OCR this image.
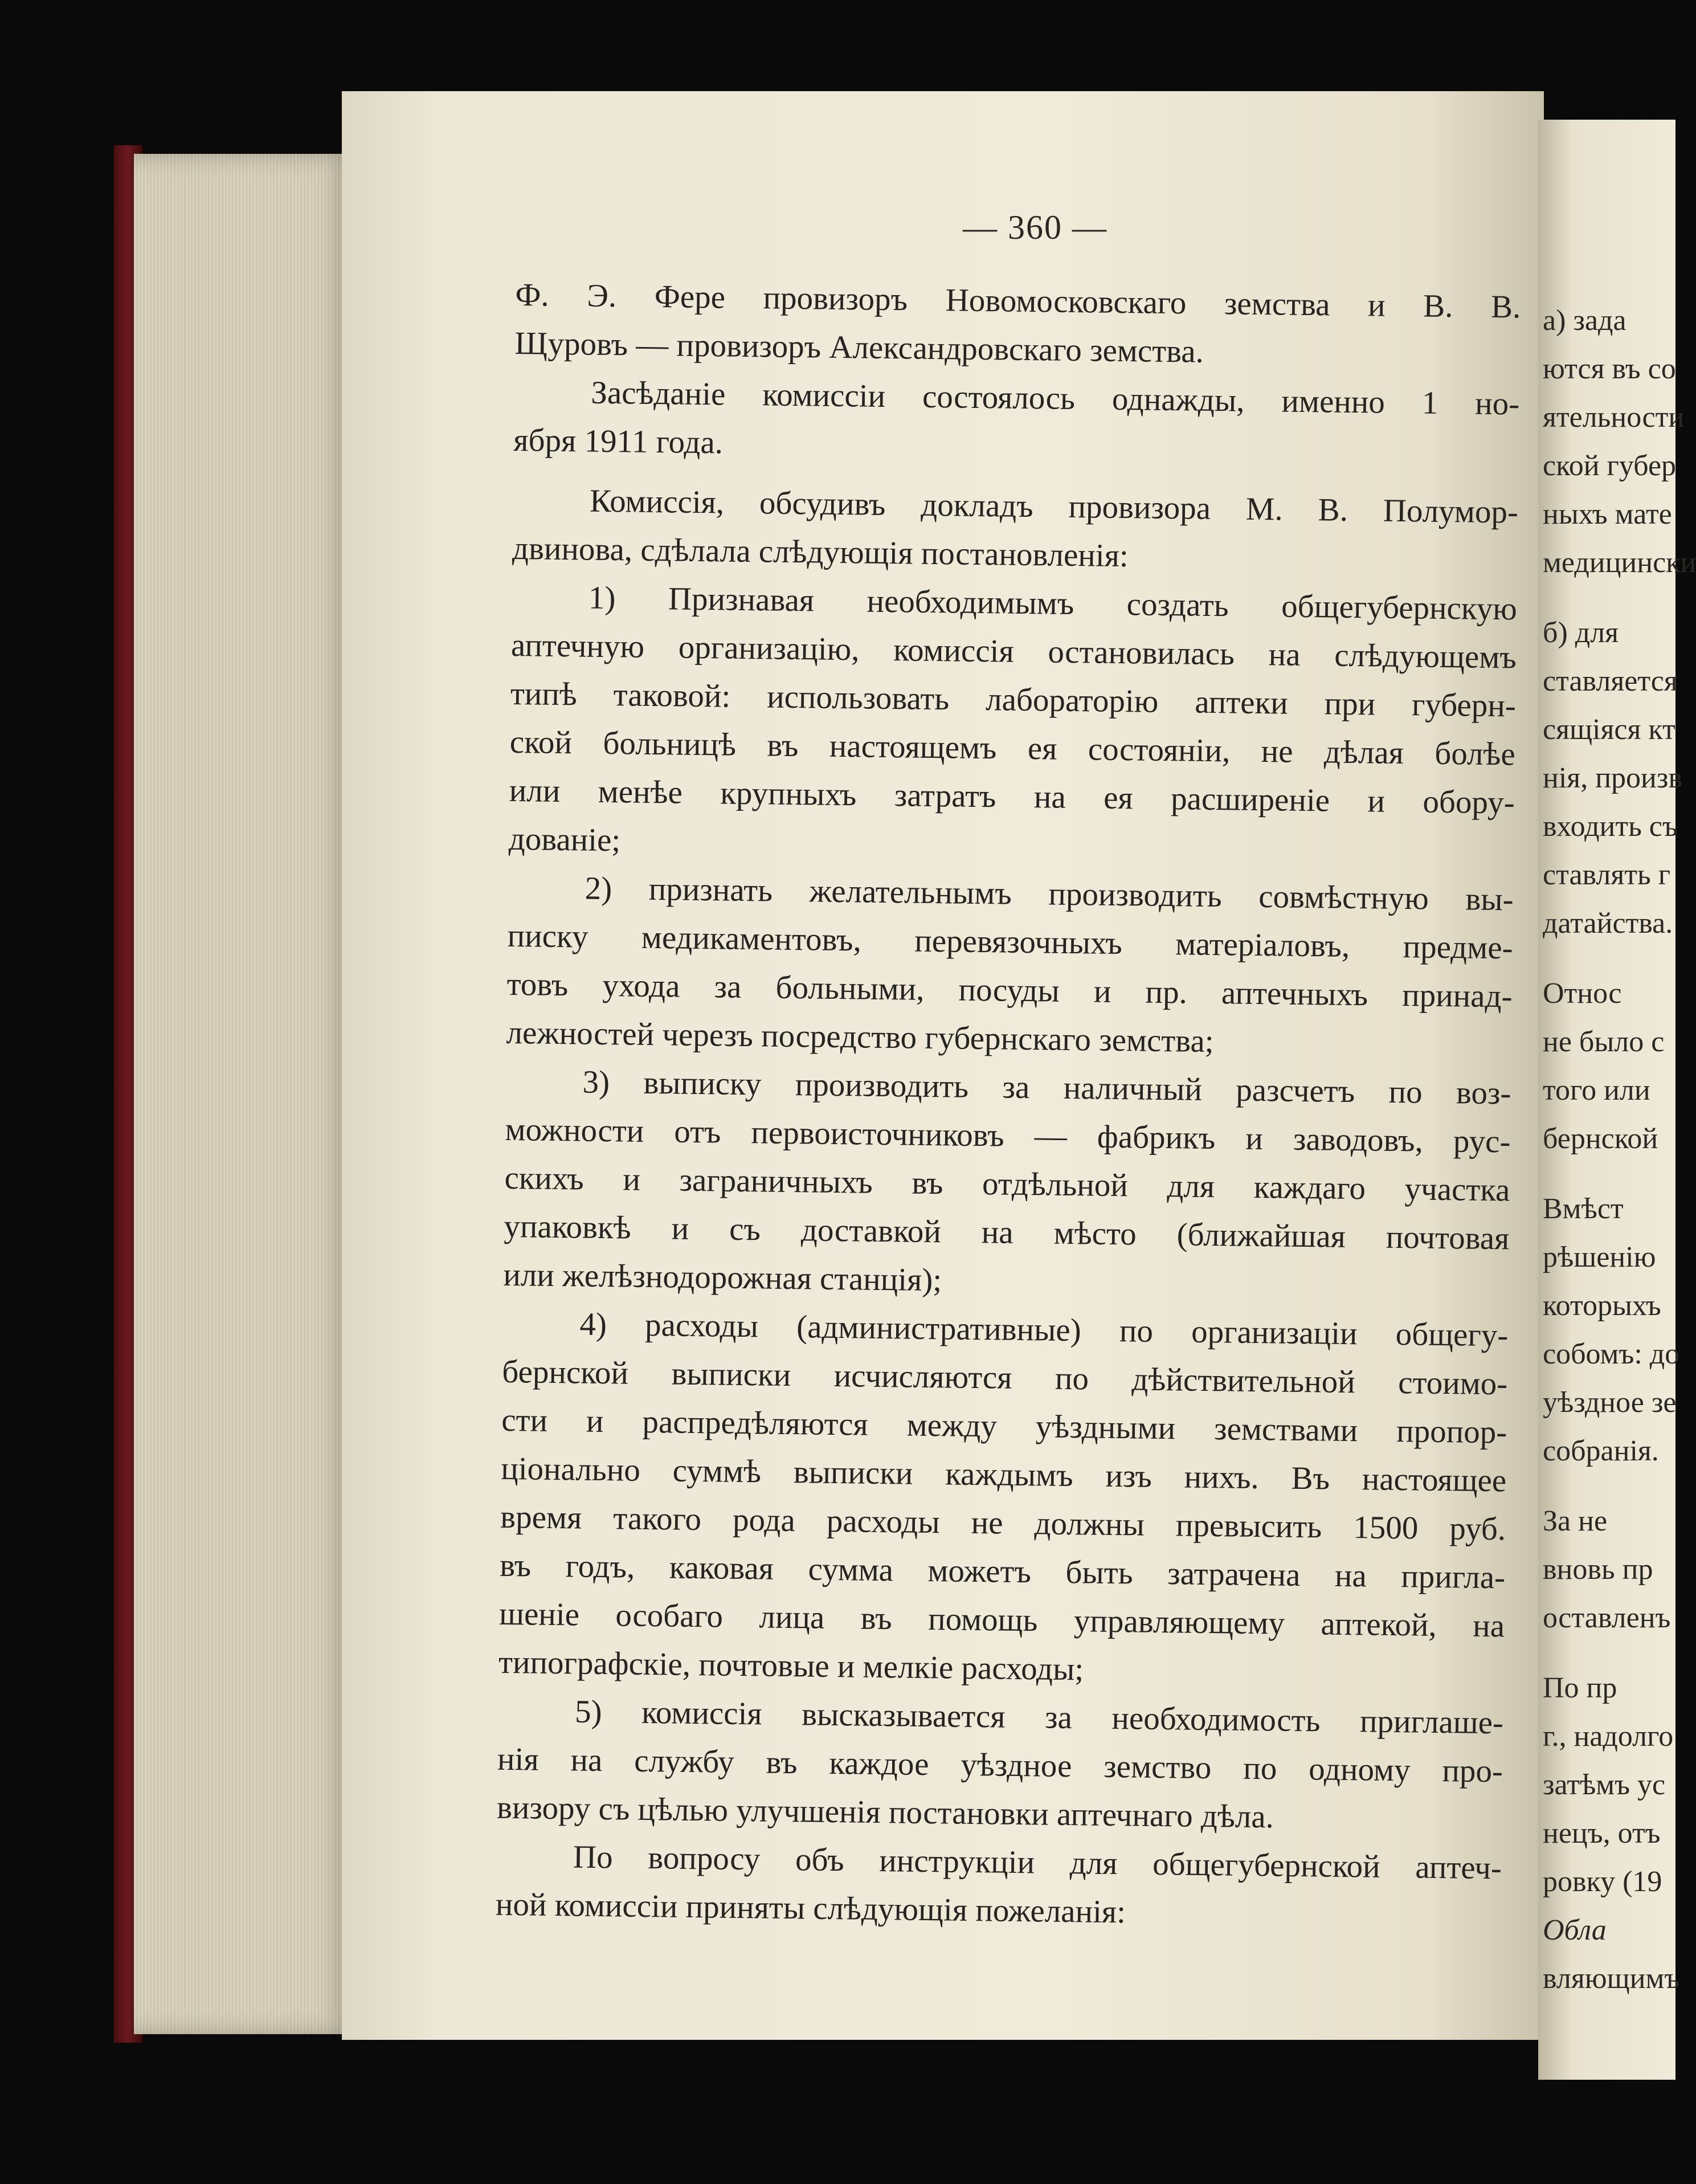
— 360 —
Ф. Э. Фере провизоръ Новомосковскаго земства и В. В.
Щуровъ — провизоръ Александровскаго земства.
Засѣданіе комиссіи состоялось однажды, именно 1 но-
ября 1911 года.
Комиссія, обсудивъ докладъ провизора М. В. Полумор-
двинова, сдѣлала слѣдующія постановленія:
1) Признавая необходимымъ создать общегубернскую
аптечную организацію, комиссія остановилась на слѣдующемъ
типѣ таковой: использовать лабораторію аптеки при губерн-
ской больницѣ въ настоящемъ ея состояніи, не дѣлая болѣе
или менѣе крупныхъ затратъ на ея расширеніе и обору-
дованіе;
2) признать желательнымъ производить совмѣстную вы-
писку медикаментовъ, перевязочныхъ матеріаловъ, предме-
товъ ухода за больными, посуды и пр. аптечныхъ принад-
лежностей черезъ посредство губернскаго земства;
3) выписку производить за наличный разсчетъ по воз-
можности отъ первоисточниковъ — фабрикъ и заводовъ, рус-
скихъ и заграничныхъ въ отдѣльной для каждаго участка
упаковкѣ и съ доставкой на мѣсто (ближайшая почтовая
или желѣзнодорожная станція);
4) расходы (административные) по организаціи общегу-
бернской выписки исчисляются по дѣйствительной стоимо-
сти и распредѣляются между уѣздными земствами пропор-
ціонально суммѣ выписки каждымъ изъ нихъ. Въ настоящее
время такого рода расходы не должны превысить 1500 руб.
въ годъ, каковая сумма можетъ быть затрачена на пригла-
шеніе особаго лица въ помощь управляющему аптекой, на
типографскіе, почтовые и мелкіе расходы;
5) комиссія высказывается за необходимость приглаше-
нія на службу въ каждое уѣздное земство по одному про-
визору съ цѣлью улучшенія постановки аптечнаго дѣла.
По вопросу объ инструкціи для общегубернской аптеч-
ной комиссіи приняты слѣдующія пожеланія:
а) зада
ются въ со
ятельности
ской губер
ныхъ мате
медицински
б) для
ставляется
сящіяся кт
нія, произв
входить съ
ставлять г
датайства.
Относ
не было с
того или
бернской
Вмѣст
рѣшенію
которыхъ
собомъ: до
уѣздное зе
собранія.
За не
вновь пр
оставленъ
По пр
г., надолго
затѣмъ ус
нецъ, отъ
ровку (19
Обла
вляющимъ
